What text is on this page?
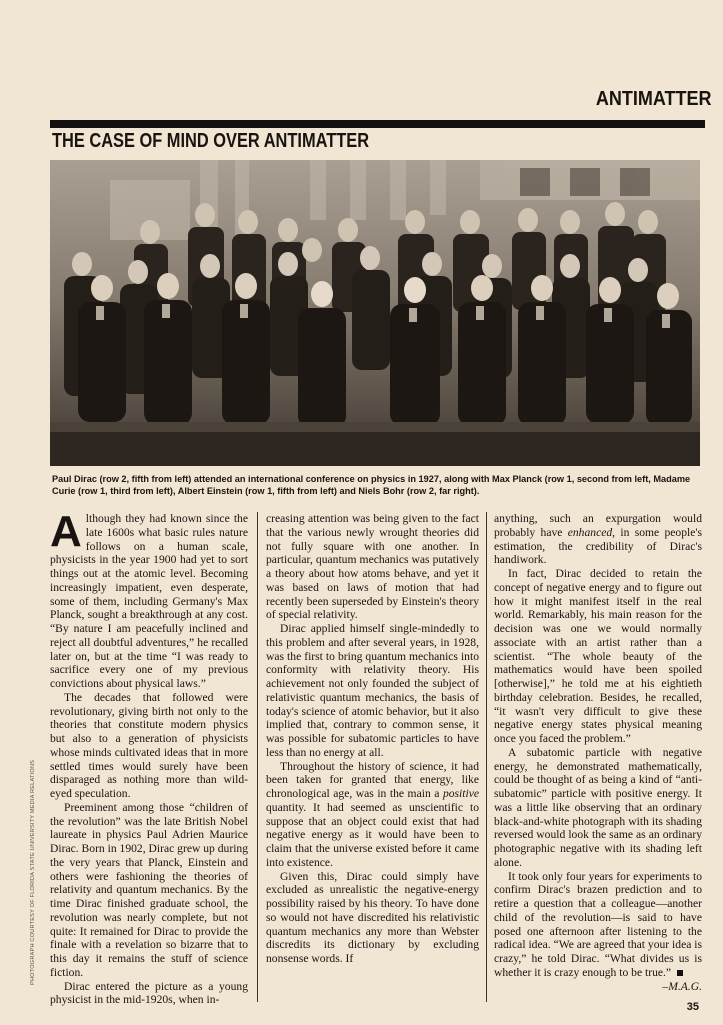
ANTIMATTER
THE CASE OF MIND OVER ANTIMATTER
Paul Dirac (row 2, fifth from left) attended an international conference on physics in 1927, along with Max Planck (row 1, second from left, Madame Curie (row 1, third from left), Albert Einstein (row 1, fifth from left) and Niels Bohr (row 2, far right).
PHOTOGRAPH COURTESY OF FLORIDA STATE UNIVERSITY MEDIA RELATIONS

Although they had known since the late 1600s what basic rules nature follows on a human scale, physicists in the year 1900 had yet to sort things out at the atomic level. Becoming increasingly impatient, even desperate, some of them, including Germany's Max Planck, sought a breakthrough at any cost. “By nature I am peacefully inclined and reject all doubtful adventures,” he recalled later on, but at the time “I was ready to sacrifice every one of my previous convictions about physical laws.”

The decades that followed were revolutionary, giving birth not only to the theories that constitute modern physics but also to a generation of physicists whose minds cultivated ideas that in more settled times would surely have been disparaged as nothing more than wild-eyed speculation.

Preeminent among those “children of the revolution” was the late British Nobel laureate in physics Paul Adrien Maurice Dirac. Born in 1902, Dirac grew up during the very years that Planck, Einstein and others were fashioning the theories of relativity and quantum mechanics. By the time Dirac finished graduate school, the revolution was nearly complete, but not quite: It remained for Dirac to provide the finale with a revelation so bizarre that to this day it remains the stuff of science fiction.

Dirac entered the picture as a young physicist in the mid-1920s, when in-

creasing attention was being given to the fact that the various newly wrought theories did not fully square with one another. In particular, quantum mechanics was putatively a theory about how atoms behave, and yet it was based on laws of motion that had recently been superseded by Einstein's theory of special relativity.

Dirac applied himself single-mindedly to this problem and after several years, in 1928, was the first to bring quantum mechanics into conformity with relativity theory. His achievement not only founded the subject of relativistic quantum mechanics, the basis of today's science of atomic behavior, but it also implied that, contrary to common sense, it was possible for subatomic particles to have less than no energy at all.

Throughout the history of science, it had been taken for granted that energy, like chronological age, was in the main a positive quantity. It had seemed as unscientific to suppose that an object could exist that had negative energy as it would have been to claim that the universe existed before it came into existence.

Given this, Dirac could simply have excluded as unrealistic the negative-energy possibility raised by his theory. To have done so would not have discredited his relativistic quantum mechanics any more than Webster discredits its dictionary by excluding nonsense words. If

anything, such an expurgation would probably have enhanced, in some people's estimation, the credibility of Dirac's handiwork.

In fact, Dirac decided to retain the concept of negative energy and to figure out how it might manifest itself in the real world. Remarkably, his main reason for the decision was one we would normally associate with an artist rather than a scientist. “The whole beauty of the mathematics would have been spoiled [otherwise],” he told me at his eightieth birthday celebration. Besides, he recalled, “it wasn't very difficult to give these negative energy states physical meaning once you faced the problem.”

A subatomic particle with negative energy, he demonstrated mathematically, could be thought of as being a kind of “anti-subatomic” particle with positive energy. It was a little like observing that an ordinary black-and-white photograph with its shading reversed would look the same as an ordinary photographic negative with its shading left alone.

It took only four years for experiments to confirm Dirac's brazen prediction and to retire a question that a colleague—another child of the revolution—is said to have posed one afternoon after listening to the radical idea. “We are agreed that your idea is crazy,” he told Dirac. “What divides us is whether it is crazy enough to be true.”

–M.A.G.
35
